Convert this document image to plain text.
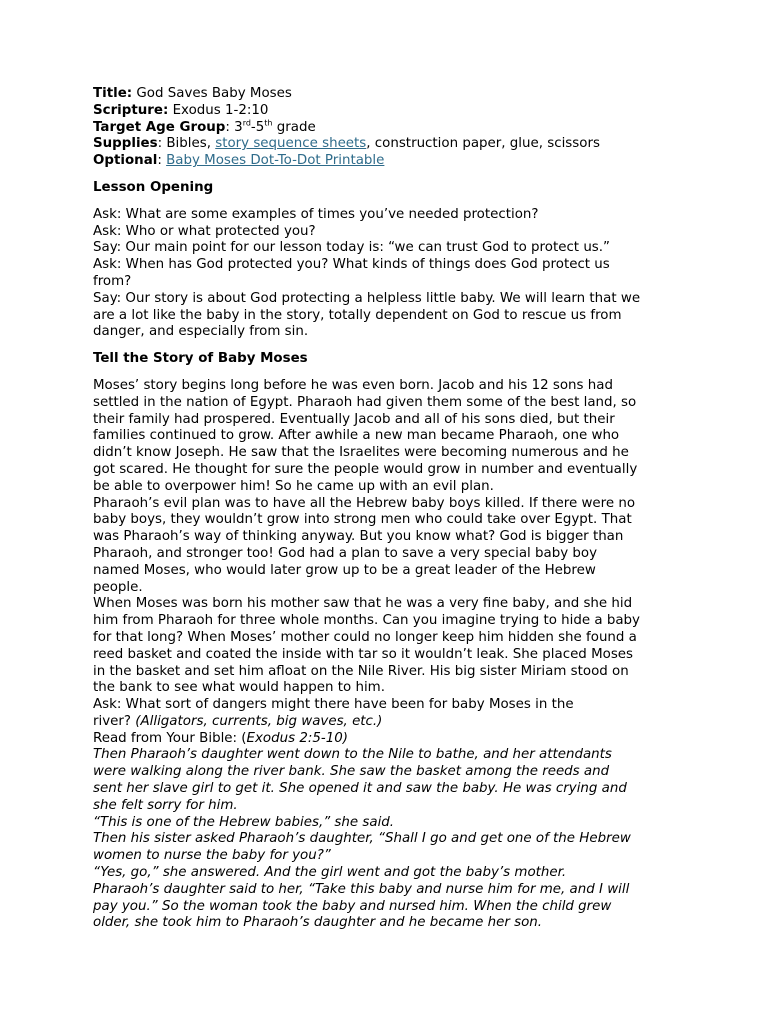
Title: God Saves Baby Moses

Scripture: Exodus 1-2:10

Target Age Group: 3rd-5th grade

Supplies: Bibles, story sequence sheets, construction paper, glue, scissors

Optional: Baby Moses Dot-To-Dot Printable

Lesson Opening

Ask: What are some examples of times you’ve needed protection?

Ask: Who or what protected you?

Say: Our main point for our lesson today is: “we can trust God to protect us.”

Ask: When has God protected you? What kinds of things does God protect us

from?

Say: Our story is about God protecting a helpless little baby. We will learn that we

are a lot like the baby in the story, totally dependent on God to rescue us from

danger, and especially from sin.

Tell the Story of Baby Moses

Moses’ story begins long before he was even born. Jacob and his 12 sons had

settled in the nation of Egypt. Pharaoh had given them some of the best land, so

their family had prospered. Eventually Jacob and all of his sons died, but their

families continued to grow. After awhile a new man became Pharaoh, one who

didn’t know Joseph. He saw that the Israelites were becoming numerous and he

got scared. He thought for sure the people would grow in number and eventually

be able to overpower him! So he came up with an evil plan.

Pharaoh’s evil plan was to have all the Hebrew baby boys killed. If there were no

baby boys, they wouldn’t grow into strong men who could take over Egypt. That

was Pharaoh’s way of thinking anyway. But you know what? God is bigger than

Pharaoh, and stronger too! God had a plan to save a very special baby boy

named Moses, who would later grow up to be a great leader of the Hebrew

people.

When Moses was born his mother saw that he was a very fine baby, and she hid

him from Pharaoh for three whole months. Can you imagine trying to hide a baby

for that long? When Moses’ mother could no longer keep him hidden she found a

reed basket and coated the inside with tar so it wouldn’t leak. She placed Moses

in the basket and set him afloat on the Nile River. His big sister Miriam stood on

the bank to see what would happen to him.

Ask: What sort of dangers might there have been for baby Moses in the

river? (Alligators, currents, big waves, etc.)

Read from Your Bible: (Exodus 2:5-10)

Then Pharaoh’s daughter went down to the Nile to bathe, and her attendants

were walking along the river bank. She saw the basket among the reeds and

sent her slave girl to get it. She opened it and saw the baby. He was crying and

she felt sorry for him.

“This is one of the Hebrew babies,” she said.

Then his sister asked Pharaoh’s daughter, “Shall I go and get one of the Hebrew

women to nurse the baby for you?”

“Yes, go,” she answered. And the girl went and got the baby’s mother.

Pharaoh’s daughter said to her, “Take this baby and nurse him for me, and I will

pay you.” So the woman took the baby and nursed him. When the child grew

older, she took him to Pharaoh’s daughter and he became her son.
